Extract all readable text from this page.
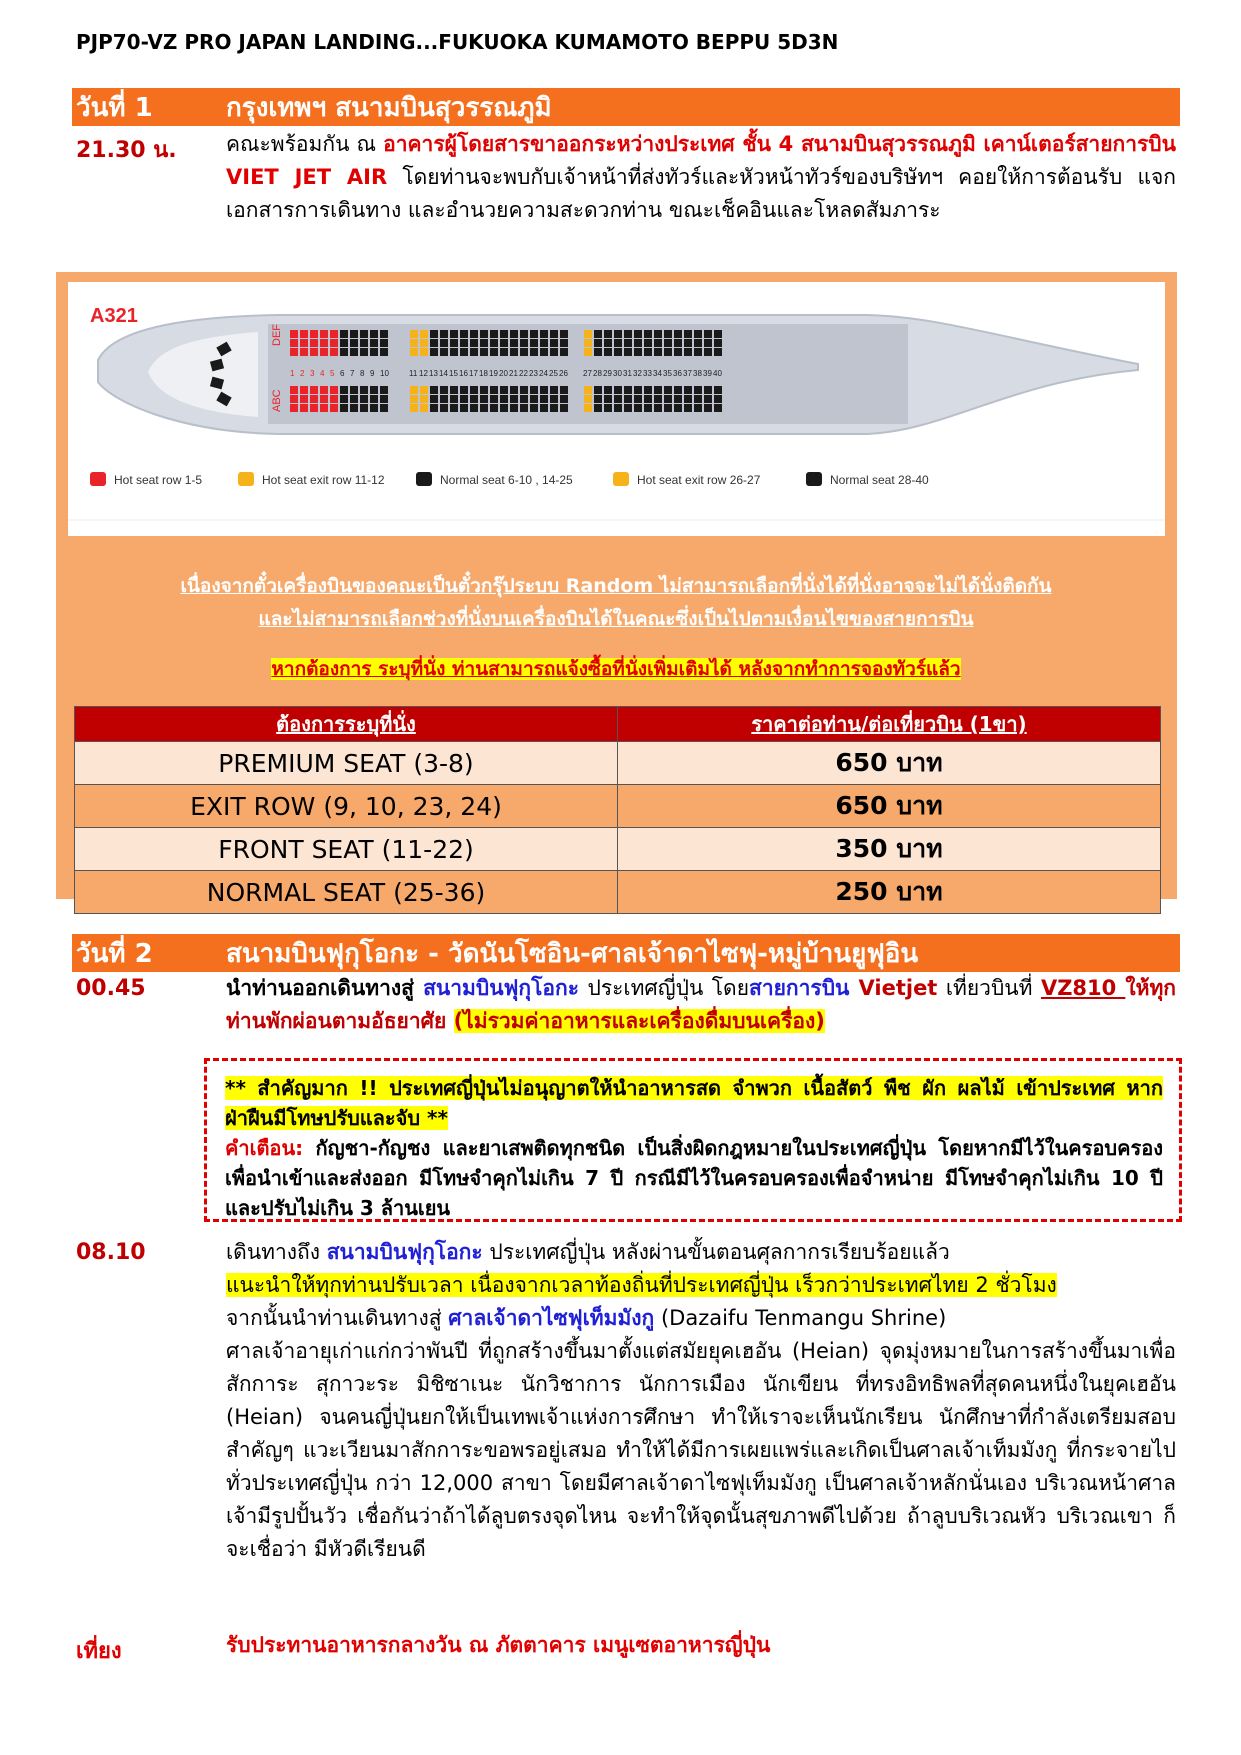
PJP70-VZ PRO JAPAN LANDING...FUKUOKA KUMAMOTO BEPPU 5D3N
วันที่ 1	กรุงเทพฯ สนามบินสุวรรณภูมิ
21.30 น. คณะพร้อมกัน ณ อาคารผู้โดยสารขาออกระหว่างประเทศ ชั้น 4 สนามบินสุวรรณภูมิ เคาน์เตอร์สายการบิน VIET JET AIR โดยท่านจะพบกับเจ้าหน้าที่ส่งทัวร์และหัวหน้าทัวร์ของบริษัทฯ คอยให้การต้อนรับ แจกเอกสารการเดินทาง และอำนวยความสะดวกท่าน ขณะเช็คอินและโหลดสัมภาระ
A321
DEF
ABC
1 2 3 4 5 6 7 8 9 10	11 12 13 14 15 16 17 18 19 20 21 22 23 24 25 26 27 28 29 30 31 32 33 34 35 36 37 38 39 40
Hot seat row 1-5	Hot seat exit row 11-12	Normal seat 6-10 , 14-25	Hot seat exit row 26-27	Normal seat 28-40
เนื่องจากตั๋วเครื่องบินของคณะเป็นตั๋วกรุ๊ประบบ Random ไม่สามารถเลือกที่นั่งได้ที่นั่งอาจจะไม่ได้นั่งติดกัน
และไม่สามารถเลือกช่วงที่นั่งบนเครื่องบินได้ในคณะซึ่งเป็นไปตามเงื่อนไขของสายการบิน
หากต้องการ ระบุที่นั่ง ท่านสามารถแจ้งซื้อที่นั่งเพิ่มเติมได้ หลังจากทำการจองทัวร์แล้ว
ต้องการระบุที่นั่ง	ราคาต่อท่าน/ต่อเที่ยวบิน (1ขา)
PREMIUM SEAT (3-8)	650 บาท
EXIT ROW (9, 10, 23, 24)	650 บาท
FRONT SEAT (11-22)	350 บาท
NORMAL SEAT (25-36)	250 บาท
วันที่ 2	สนามบินฟุกุโอกะ - วัดนันโซอิน-ศาลเจ้าดาไซฟุ-หมู่บ้านยูฟุอิน
00.45	นำท่านออกเดินทางสู่ สนามบินฟุกุโอกะ ประเทศญี่ปุ่น โดยสายการบิน Vietjet เที่ยวบินที่ VZ810 ให้ทุกท่านพักผ่อนตามอัธยาศัย (ไม่รวมค่าอาหารและเครื่องดื่มบนเครื่อง)
** สำคัญมาก !! ประเทศญี่ปุ่นไม่อนุญาตให้นำอาหารสด จำพวก เนื้อสัตว์ พืช ผัก ผลไม้ เข้าประเทศ หากฝ่าฝืนมีโทษปรับและจับ **
คำเตือน: กัญชา-กัญชง และยาเสพติดทุกชนิด เป็นสิ่งผิดกฎหมายในประเทศญี่ปุ่น โดยหากมีไว้ในครอบครองเพื่อนำเข้าและส่งออก มีโทษจำคุกไม่เกิน 7 ปี กรณีมีไว้ในครอบครองเพื่อจำหน่าย มีโทษจำคุกไม่เกิน 10 ปี และปรับไม่เกิน 3 ล้านเยน
08.10	เดินทางถึง สนามบินฟุกุโอกะ ประเทศญี่ปุ่น หลังผ่านขั้นตอนศุลกากรเรียบร้อยแล้ว
แนะนำให้ทุกท่านปรับเวลา เนื่องจากเวลาท้องถิ่นที่ประเทศญี่ปุ่น เร็วกว่าประเทศไทย 2 ชั่วโมง
จากนั้นนำท่านเดินทางสู่ ศาลเจ้าดาไซฟุเท็มมังกู (Dazaifu Tenmangu Shrine)
ศาลเจ้าอายุเก่าแก่กว่าพันปี ที่ถูกสร้างขึ้นมาตั้งแต่สมัยยุคเฮอัน (Heian) จุดมุ่งหมายในการสร้างขึ้นมาเพื่อสักการะ สุกาวะระ มิชิซาเนะ นักวิชาการ นักการเมือง นักเขียน ที่ทรงอิทธิพลที่สุดคนหนึ่งในยุคเฮอัน (Heian) จนคนญี่ปุ่นยกให้เป็นเทพเจ้าแห่งการศึกษา ทำให้เราจะเห็นนักเรียน นักศึกษาที่กำลังเตรียมสอบสำคัญๆ แวะเวียนมาสักการะขอพรอยู่เสมอ ทำให้ได้มีการเผยแพร่และเกิดเป็นศาลเจ้าเท็มมังกู ที่กระจายไปทั่วประเทศญี่ปุ่น กว่า 12,000 สาขา โดยมีศาลเจ้าดาไซฟุเท็มมังกู เป็นศาลเจ้าหลักนั่นเอง บริเวณหน้าศาลเจ้ามีรูปปั้นวัว เชื่อกันว่าถ้าได้ลูบตรงจุดไหน จะทำให้จุดนั้นสุขภาพดีไปด้วย ถ้าลูบบริเวณหัว บริเวณเขา ก็จะเชื่อว่า มีหัวดีเรียนดี
เที่ยง	รับประทานอาหารกลางวัน ณ ภัตตาคาร เมนูเซตอาหารญี่ปุ่น
